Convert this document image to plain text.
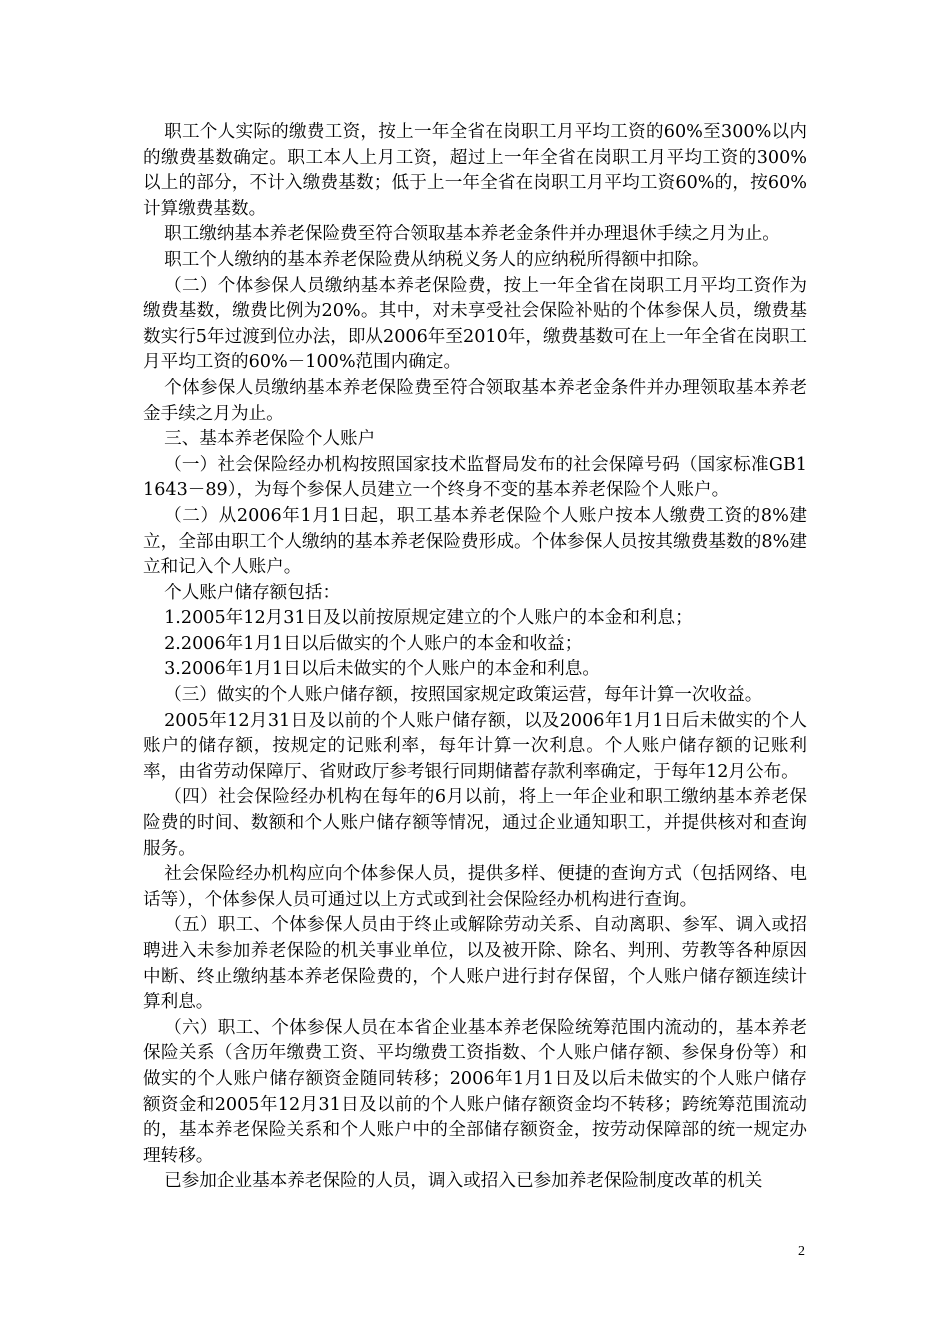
职工个人实际的缴费工资，按上一年全省在岗职工月平均工资的60%至300%以内的缴费基数确定。职工本人上月工资，超过上一年全省在岗职工月平均工资的300%以上的部分，不计入缴费基数；低于上一年全省在岗职工月平均工资60%的，按60%计算缴费基数。

职工缴纳基本养老保险费至符合领取基本养老金条件并办理退休手续之月为止。

职工个人缴纳的基本养老保险费从纳税义务人的应纳税所得额中扣除。

（二）个体参保人员缴纳基本养老保险费，按上一年全省在岗职工月平均工资作为缴费基数，缴费比例为20%。其中，对未享受社会保险补贴的个体参保人员，缴费基数实行5年过渡到位办法，即从2006年至2010年，缴费基数可在上一年全省在岗职工月平均工资的60%－100%范围内确定。

个体参保人员缴纳基本养老保险费至符合领取基本养老金条件并办理领取基本养老金手续之月为止。

三、基本养老保险个人账户

（一）社会保险经办机构按照国家技术监督局发布的社会保障号码（国家标准GB11643－89），为每个参保人员建立一个终身不变的基本养老保险个人账户。

（二）从2006年1月1日起，职工基本养老保险个人账户按本人缴费工资的8%建立，全部由职工个人缴纳的基本养老保险费形成。个体参保人员按其缴费基数的8%建立和记入个人账户。

个人账户储存额包括：

1.2005年12月31日及以前按原规定建立的个人账户的本金和利息；

2.2006年1月1日以后做实的个人账户的本金和收益；

3.2006年1月1日以后未做实的个人账户的本金和利息。

（三）做实的个人账户储存额，按照国家规定政策运营，每年计算一次收益。

2005年12月31日及以前的个人账户储存额，以及2006年1月1日后未做实的个人账户的储存额，按规定的记账利率，每年计算一次利息。个人账户储存额的记账利率，由省劳动保障厅、省财政厅参考银行同期储蓄存款利率确定，于每年12月公布。

（四）社会保险经办机构在每年的6月以前，将上一年企业和职工缴纳基本养老保险费的时间、数额和个人账户储存额等情况，通过企业通知职工，并提供核对和查询服务。

社会保险经办机构应向个体参保人员，提供多样、便捷的查询方式（包括网络、电话等），个体参保人员可通过以上方式或到社会保险经办机构进行查询。

（五）职工、个体参保人员由于终止或解除劳动关系、自动离职、参军、调入或招聘进入未参加养老保险的机关事业单位，以及被开除、除名、判刑、劳教等各种原因中断、终止缴纳基本养老保险费的，个人账户进行封存保留，个人账户储存额连续计算利息。

（六）职工、个体参保人员在本省企业基本养老保险统筹范围内流动的，基本养老保险关系（含历年缴费工资、平均缴费工资指数、个人账户储存额、参保身份等）和做实的个人账户储存额资金随同转移；2006年1月1日及以后未做实的个人账户储存额资金和2005年12月31日及以前的个人账户储存额资金均不转移；跨统筹范围流动的，基本养老保险关系和个人账户中的全部储存额资金，按劳动保障部的统一规定办理转移。

已参加企业基本养老保险的人员，调入或招入已参加养老保险制度改革的机关

2
